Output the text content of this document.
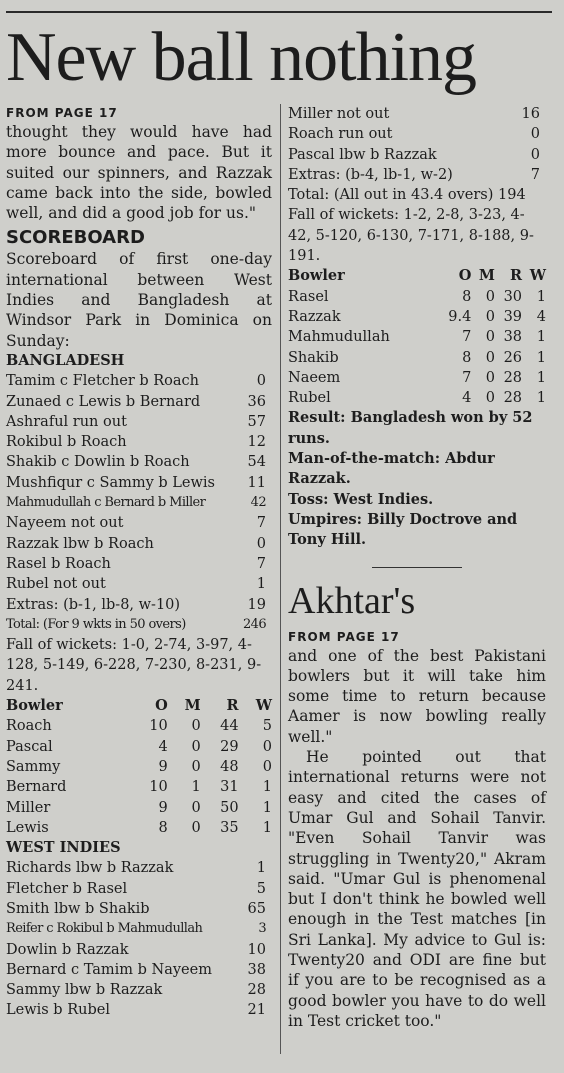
New ball nothing
FROM PAGE 17
thought they would have had more bounce and pace. But it suited our spinners, and Razzak came back into the side, bowled well, and did a good job for us."
SCOREBOARD
Scoreboard of first one-day international between West Indies and Bangladesh at Windsor Park in Dominica on Sunday:
BANGLADESH
Tamim c Fletcher b Roach	0
Zunaed c Lewis b Bernard	36
Ashraful run out	57
Rokibul b Roach	12
Shakib c Dowlin b Roach	54
Mushfiqur c Sammy b Lewis 11
Mahmudullah c Bernard b Miller	42
Nayeem not out	7
Razzak lbw b Roach	0
Rasel b Roach	7
Rubel not out	1
Extras: (b-1, lb-8, w-10)	19
Total: (For 9 wkts in 50 overs)	246
Fall of wickets: 1-0, 2-74, 3-97, 4-128, 5-149, 6-228, 7-230, 8-231, 9-241.
Bowler	O	M	R	W
Roach	10	0	44	5
Pascal	4	0	29	0
Sammy	9	0	48	0
Bernard	10	1	31	1
Miller	9	0	50	1
Lewis	8	0	35	1
WEST INDIES
Richards lbw b Razzak	1
Fletcher b Rasel	5
Smith lbw b Shakib	65
Reifer c Rokibul b Mahmudullah	3
Dowlin b Razzak	10
Bernard c Tamim b Nayeem 38
Sammy lbw b Razzak	28
Lewis b Rubel	21
Miller not out	16
Roach run out	0
Pascal lbw b Razzak	0
Extras: (b-4, lb-1, w-2)	7
Total: (All out in 43.4 overs) 194
Fall of wickets: 1-2, 2-8, 3-23, 4-42, 5-120, 6-130, 7-171, 8-188, 9-191.
Bowler	O	M	R	W
Rasel	8	0	30	1
Razzak	9.4	0	39	4
Mahmudullah	7	0	38	1
Shakib	8	0	26	1
Naeem	7	0	28	1
Rubel	4	0	28	1
Result: Bangladesh won by 52 runs.
Man-of-the-match: Abdur Razzak.
Toss: West Indies.
Umpires: Billy Doctrove and Tony Hill.
Akhtar's
FROM PAGE 17
and one of the best Pakistani bowlers but it will take him some time to return because Aamer is now bowling really well."
He pointed out that international returns were not easy and cited the cases of Umar Gul and Sohail Tanvir. "Even Sohail Tanvir was struggling in Twenty20," Akram said. "Umar Gul is phenomenal but I don't think he bowled well enough in the Test matches [in Sri Lanka]. My advice to Gul is: Twenty20 and ODI are fine but if you are to be recognised as a good bowler you have to do well in Test cricket too."
